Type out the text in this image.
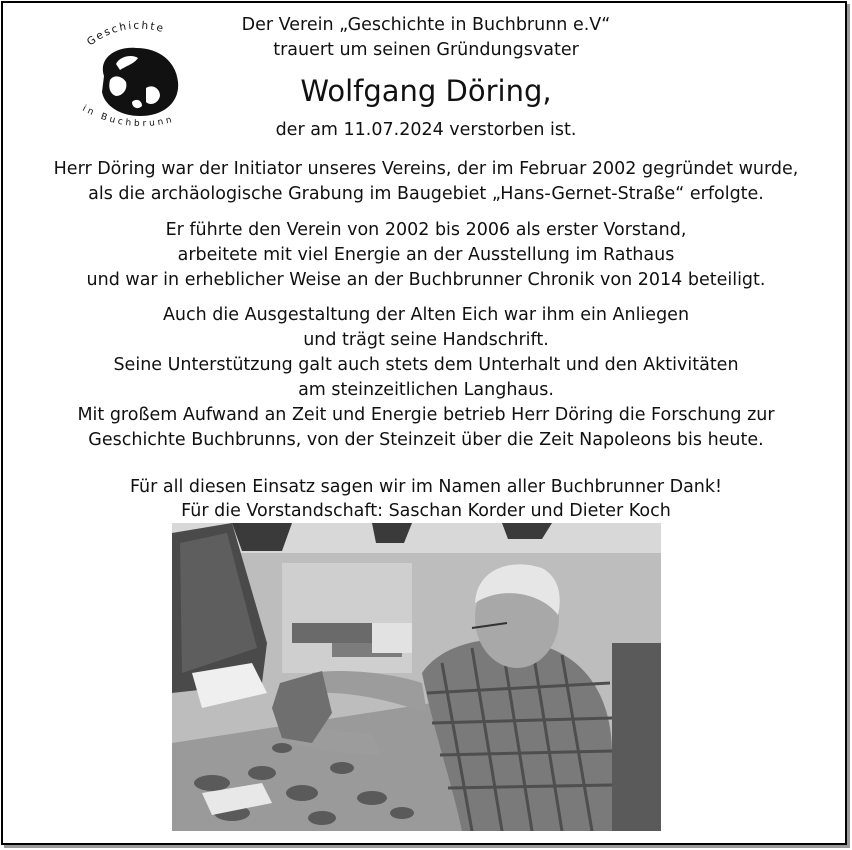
Geschichte
in Buchbrunn
Der Verein „Geschichte in Buchbrunn e.V“
trauert um seinen Gründungsvater
Wolfgang Döring,
der am 11.07.2024 verstorben ist.
Herr Döring war der Initiator unseres Vereins, der im Februar 2002 gegründet wurde,
als die archäologische Grabung im Baugebiet „Hans-Gernet-Straße“ erfolgte.
Er führte den Verein von 2002 bis 2006 als erster Vorstand,
arbeitete mit viel Energie an der Ausstellung im Rathaus
und war in erheblicher Weise an der Buchbrunner Chronik von 2014 beteiligt.
Auch die Ausgestaltung der Alten Eich war ihm ein Anliegen
und trägt seine Handschrift.
Seine Unterstützung galt auch stets dem Unterhalt und den Aktivitäten
am steinzeitlichen Langhaus.
Mit großem Aufwand an Zeit und Energie betrieb Herr Döring die Forschung zur
Geschichte Buchbrunns, von der Steinzeit über die Zeit Napoleons bis heute.
Für all diesen Einsatz sagen wir im Namen aller Buchbrunner Dank!
Für die Vorstandschaft: Saschan Korder und Dieter Koch
